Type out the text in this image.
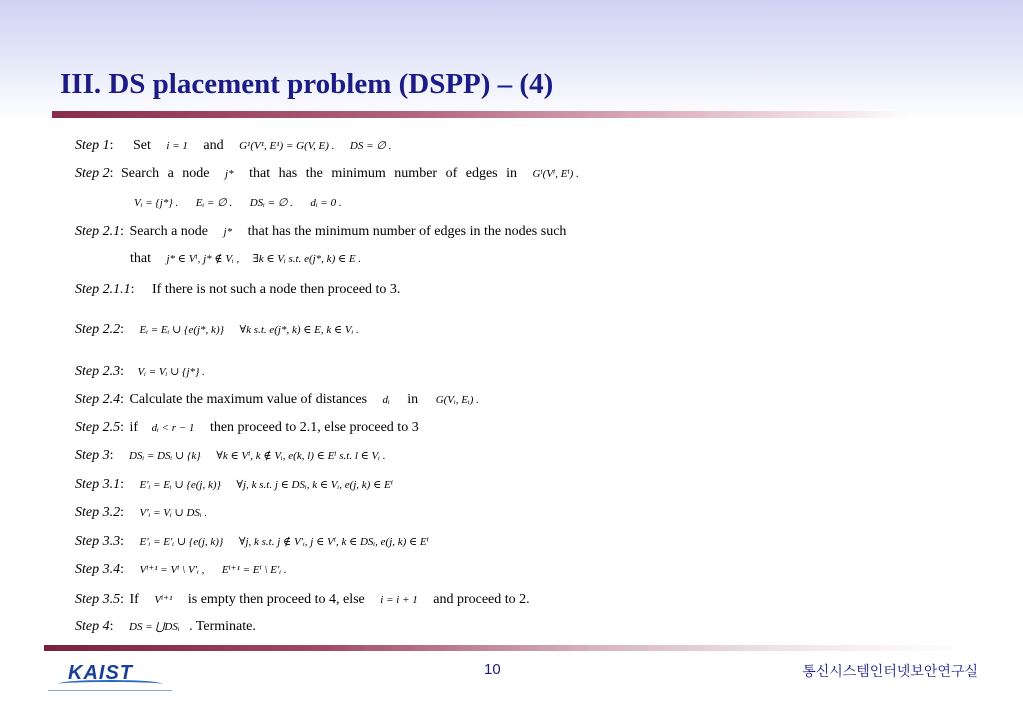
III. DS placement problem (DSPP) – (4)
Step 1: Set i = 1 and G¹(V¹, E¹) = G(V, E) . DS = ∅ .
Step 2: Search a node j* that has the minimum number of edges in Gⁱ(Vⁱ, Eⁱ) .
Vᵢ = {j*} . Eᵢ = ∅ . DSᵢ = ∅ . dᵢ = 0 .
Step 2.1: Search a node j* that has the minimum number of edges in the nodes such
that j* ∈ Vⁱ, j* ∉ Vᵢ , ∃k ∈ Vᵢ s.t. e(j*, k) ∈ E .
Step 2.1.1: If there is not such a node then proceed to 3.
Step 2.2: Eᵢ = Eᵢ ∪ {e(j*, k)} ∀k s.t. e(j*, k) ∈ E, k ∈ Vᵢ .
Step 2.3: Vᵢ = Vᵢ ∪ {j*} .
Step 2.4: Calculate the maximum value of distances dᵢ in G(Vᵢ, Eᵢ) .
Step 2.5: if dᵢ < r − 1 then proceed to 2.1, else proceed to 3
Step 3: DSᵢ = DSᵢ ∪ {k} ∀k ∈ Vⁱ, k ∉ Vᵢ, e(k, l) ∈ Eⁱ s.t. l ∈ Vᵢ .
Step 3.1: E′ᵢ = Eᵢ ∪ {e(j, k)} ∀j, k s.t. j ∈ DSᵢ, k ∈ Vᵢ, e(j, k) ∈ Eⁱ
Step 3.2: V′ᵢ = Vᵢ ∪ DSᵢ .
Step 3.3: E′ᵢ = E′ᵢ ∪ {e(j, k)} ∀j, k s.t. j ∉ V′ᵢ, j ∈ Vⁱ, k ∈ DSᵢ, e(j, k) ∈ Eⁱ
Step 3.4: Vⁱ⁺¹ = Vⁱ \ V′ᵢ , Eⁱ⁺¹ = Eⁱ \ E′ᵢ .
Step 3.5: If Vⁱ⁺¹ is empty then proceed to 4, else i = i + 1 and proceed to 2.
Step 4: DS = ⋃DSᵢ . Terminate.
KAIST	10	통신시스템인터넷보안연구실
